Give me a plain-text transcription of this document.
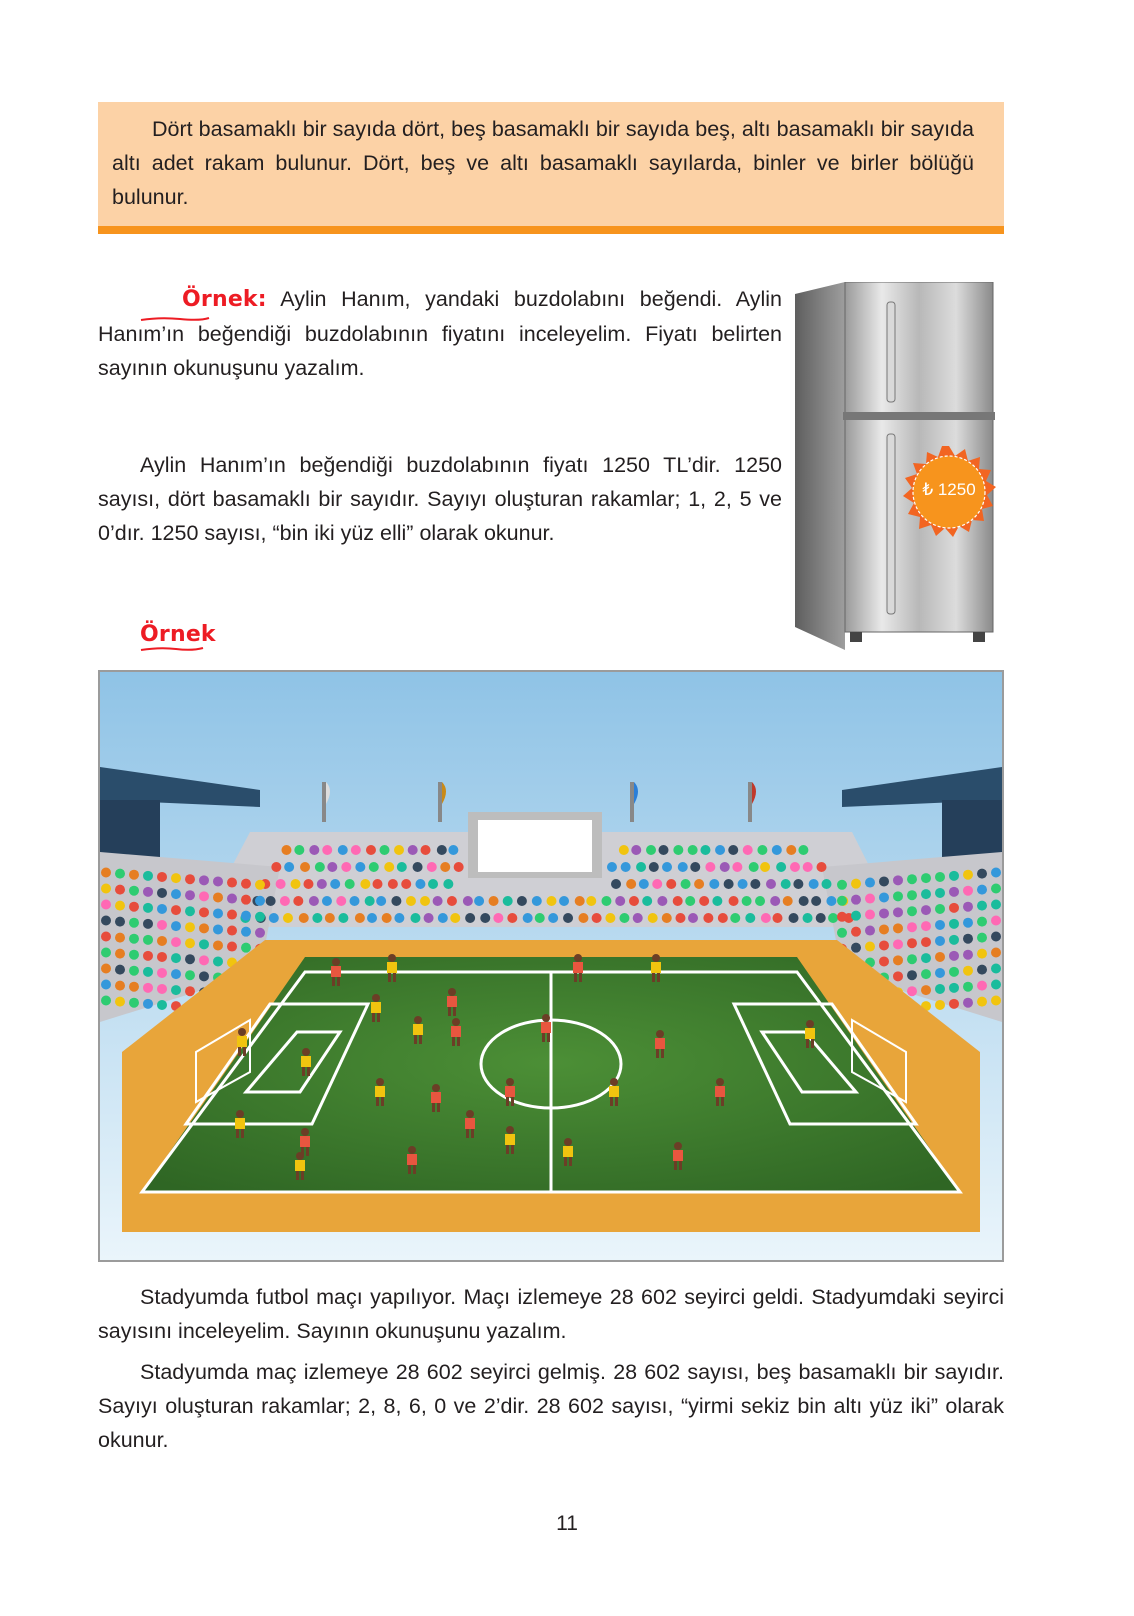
Dört basamaklı bir sayıda dört, beş basamaklı bir sayıda beş, altı basamaklı bir sayıda altı adet rakam bulunur. Dört, beş ve altı basamaklı sayılarda, binler ve birler bölüğü bulunur.

Örnek: Aylin Hanım, yandaki buzdolabını beğendi. Aylin Hanım’ın beğendiği buzdolabının fiyatını inceleyelim. Fiyatı belirten sayının okunuşunu yazalım.

Aylin Hanım’ın beğendiği buzdolabının fiyatı 1250 TL’dir. 1250 sayısı, dört basamaklı bir sayıdır. Sayıyı oluşturan rakamlar; 1, 2, 5 ve 0’dır. 1250 sayısı, “bin iki yüz elli” olarak okunur.

₺ 1250
Örnek

Stadyumda futbol maçı yapılıyor. Maçı izlemeye 28 602 seyirci geldi. Stadyumdaki seyirci sayısını inceleyelim. Sayının okunuşunu yazalım.

Stadyumda maç izlemeye 28 602 seyirci gelmiş. 28 602 sayısı, beş basamaklı bir sayıdır. Sayıyı oluşturan rakamlar; 2, 8, 6, 0 ve 2’dir. 28 602 sayısı, “yirmi sekiz bin altı yüz iki” olarak okunur.

11
